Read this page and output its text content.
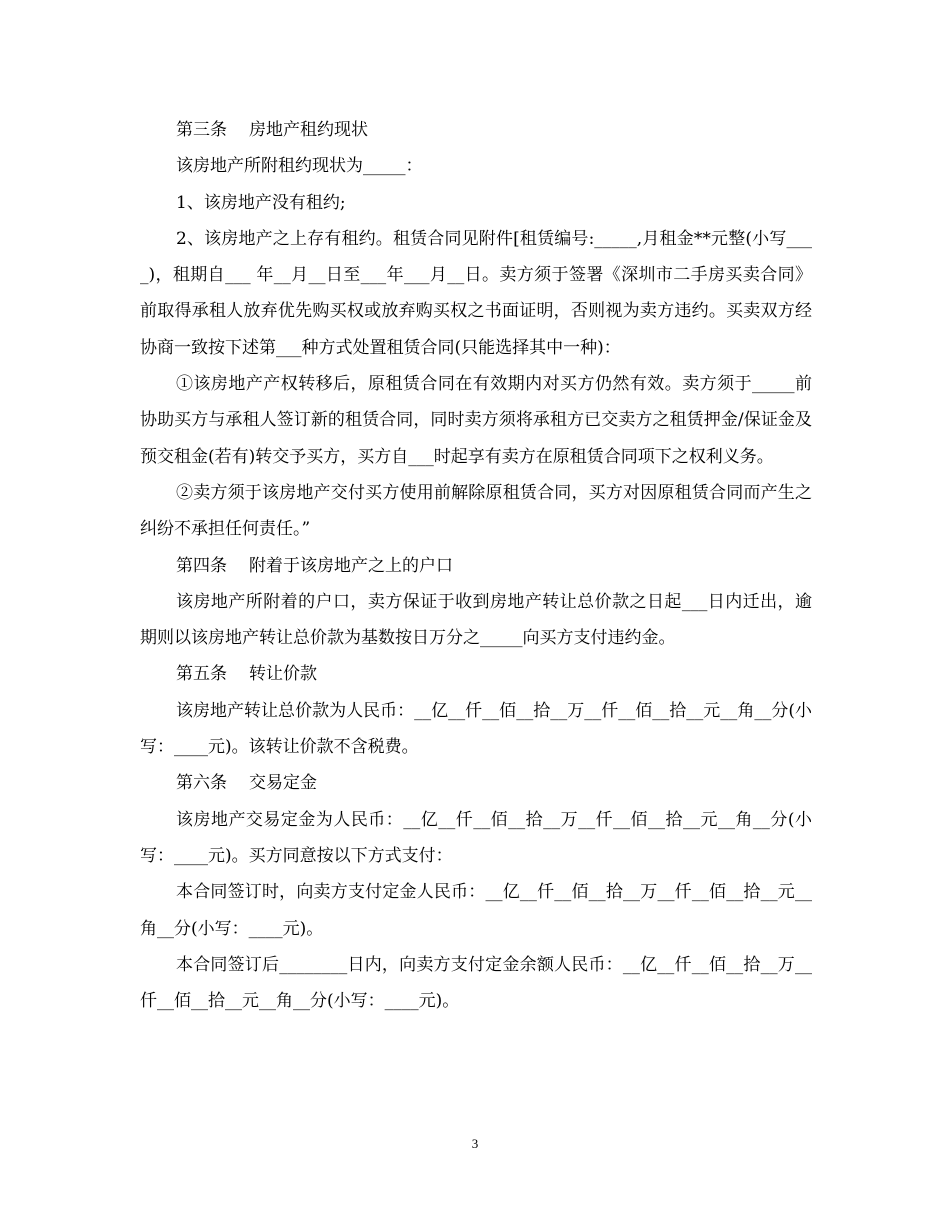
第三条 房地产租约现状

该房地产所附租约现状为_____：

1、该房地产没有租约;

2、该房地产之上存有租约。租赁合同见附件[租赁编号:_____,月租金**元整(小写____)，租期自___ 年__月__日至___年___月__日。卖方须于签署《深圳市二手房买卖合同》前取得承租人放弃优先购买权或放弃购买权之书面证明，否则视为卖方违约。买卖双方经协商一致按下述第___种方式处置租赁合同(只能选择其中一种)：

①该房地产产权转移后，原租赁合同在有效期内对买方仍然有效。卖方须于_____前协助买方与承租人签订新的租赁合同，同时卖方须将承租方已交卖方之租赁押金/保证金及预交租金(若有)转交予买方，买方自___时起享有卖方在原租赁合同项下之权利义务。

②卖方须于该房地产交付买方使用前解除原租赁合同，买方对因原租赁合同而产生之纠纷不承担任何责任。”

第四条 附着于该房地产之上的户口

该房地产所附着的户口，卖方保证于收到房地产转让总价款之日起___日内迁出，逾期则以该房地产转让总价款为基数按日万分之_____向买方支付违约金。

第五条 转让价款

该房地产转让总价款为人民币：__亿__仟__佰__拾__万__仟__佰__拾__元__角__分(小写：____元)。该转让价款不含税费。

第六条 交易定金

该房地产交易定金为人民币：__亿__仟__佰__拾__万__仟__佰__拾__元__角__分(小写：____元)。买方同意按以下方式支付：

本合同签订时，向卖方支付定金人民币：__亿__仟__佰__拾__万__仟__佰__拾__元__角__分(小写：____元)。

本合同签订后________日内，向卖方支付定金余额人民币：__亿__仟__佰__拾__万__仟__佰__拾__元__角__分(小写：____元)。

3
